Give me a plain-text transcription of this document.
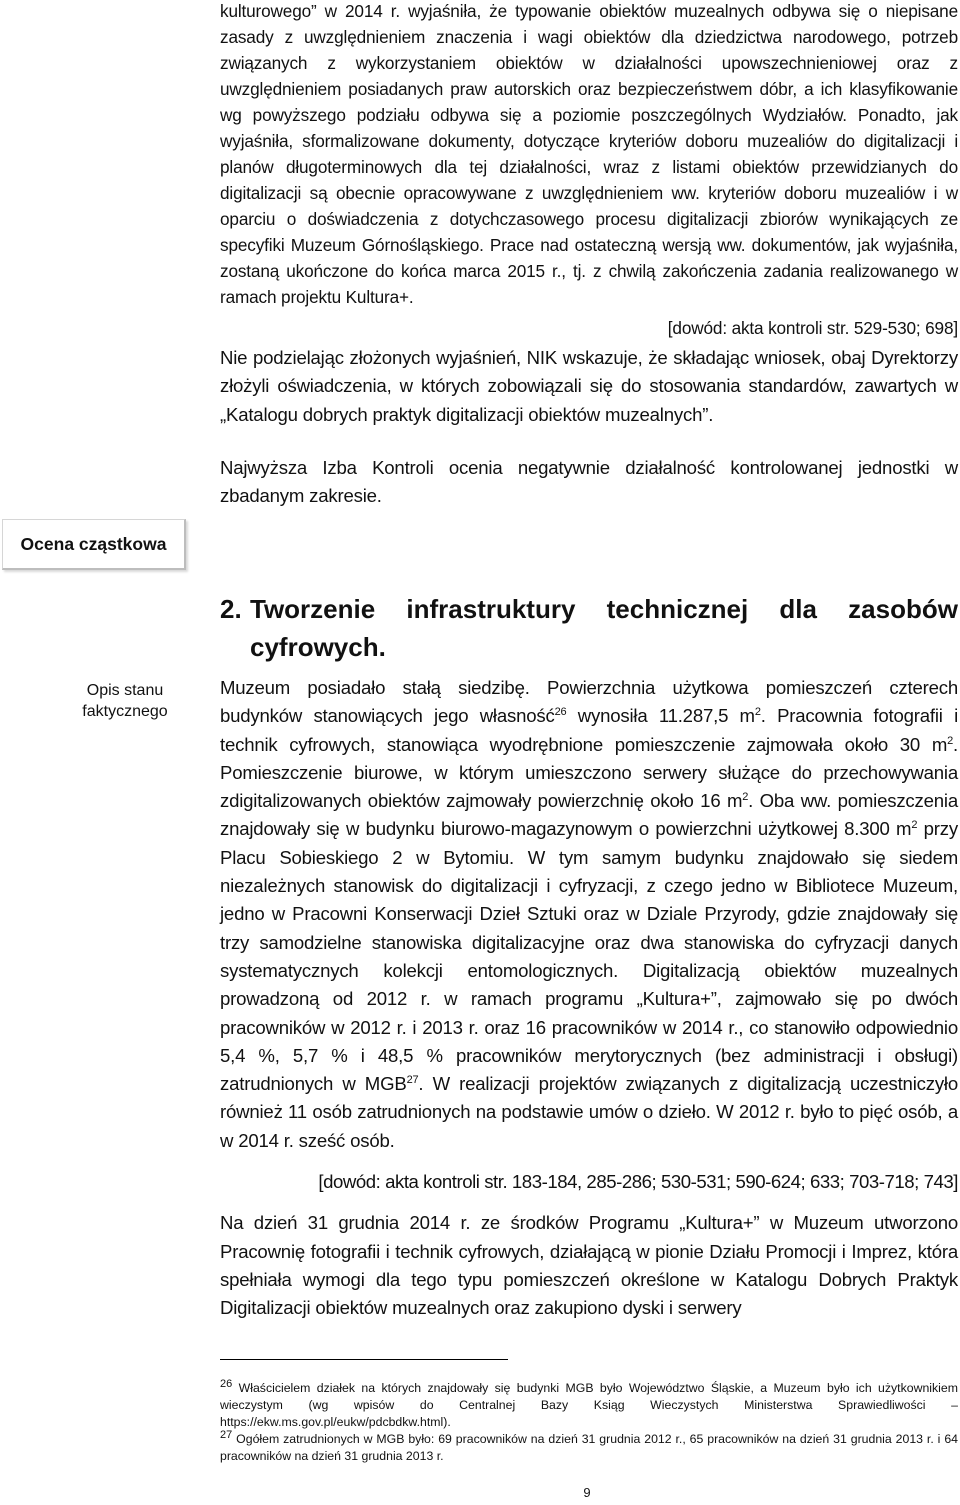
kulturowego” w 2014 r. wyjaśniła, że typowanie obiektów muzealnych odbywa się o niepisane zasady z uwzględnieniem znaczenia i wagi obiektów dla dziedzictwa narodowego, potrzeb związanych z wykorzystaniem obiektów w działalności upowszechnieniowej oraz z uwzględnieniem posiadanych praw autorskich oraz bezpieczeństwem dóbr, a ich klasyfikowanie wg powyższego podziału odbywa się a poziomie poszczególnych Wydziałów. Ponadto, jak wyjaśniła, sformalizowane dokumenty, dotyczące kryteriów doboru muzealiów do digitalizacji i planów długoterminowych dla tej działalności, wraz z listami obiektów przewidzianych do digitalizacji są obecnie opracowywane z uwzględnieniem ww. kryteriów doboru muzealiów i w oparciu o doświadczenia z dotychczasowego procesu digitalizacji zbiorów wynikających ze specyfiki Muzeum Górnośląskiego. Prace nad ostateczną wersją ww. dokumentów, jak wyjaśniła, zostaną ukończone do końca marca 2015 r., tj. z chwilą zakończenia zadania realizowanego w ramach projektu Kultura+.

[dowód: akta kontroli str. 529-530; 698]

Nie podzielając złożonych wyjaśnień, NIK wskazuje, że składając wniosek, obaj Dyrektorzy złożyli oświadczenia, w których zobowiązali się do stosowania standardów, zawartych w „Katalogu dobrych praktyk digitalizacji obiektów muzealnych”.

Najwyższa Izba Kontroli ocenia negatywnie działalność kontrolowanej jednostki w zbadanym zakresie.

2. Tworzenie infrastruktury technicznej dla zasobów
cyfrowych.

Muzeum posiadało stałą siedzibę. Powierzchnia użytkowa pomieszczeń czterech budynków stanowiących jego własność$^{26}$ wynosiła 11.287,5 $m^2$. Pracownia fotografii i technik cyfrowych, stanowiąca wyodrębnione pomieszczenie zajmowała około 30 $m^2$. Pomieszczenie biurowe, w którym umieszczono serwery służące do przechowywania zdigitalizowanych obiektów zajmowały powierzchnię około 16 $m^2$. Oba ww. pomieszczenia znajdowały się w budynku biurowo-magazynowym o powierzchni użytkowej 8.300 $m^2$ przy Placu Sobieskiego 2 w Bytomiu. W tym samym budynku znajdowało się siedem niezależnych stanowisk do digitalizacji i cyfryzacji, z czego jedno w Bibliotece Muzeum, jedno w Pracowni Konserwacji Dzieł Sztuki oraz w Dziale Przyrody, gdzie znajdowały się trzy samodzielne stanowiska digitalizacyjne oraz dwa stanowiska do cyfryzacji danych systematycznych kolekcji entomologicznych. Digitalizacją obiektów muzealnych prowadzoną od 2012 r. w ramach programu „Kultura+”, zajmowało się po dwóch pracowników w 2012 r. i 2013 r. oraz 16 pracowników w 2014 r., co stanowiło odpowiednio 5,4 %, 5,7 % i 48,5 % pracowników merytorycznych (bez administracji i obsługi) zatrudnionych w MGB$^{27}$. W realizacji projektów związanych z digitalizacją uczestniczyło również 11 osób zatrudnionych na podstawie umów o dzieło. W 2012 r. było to pięć osób, a w 2014 r. sześć osób.

[dowód: akta kontroli str. 183-184, 285-286; 530-531; 590-624; 633; 703-718; 743]

Na dzień 31 grudnia 2014 r. ze środków Programu „Kultura+” w Muzeum utworzono Pracownię fotografii i technik cyfrowych, działającą w pionie Działu Promocji i Imprez, która spełniała wymogi dla tego typu pomieszczeń określone w Katalogu Dobrych Praktyk Digitalizacji obiektów muzealnych oraz zakupiono dyski i serwery

Ocena cząstkowa
Opis stanu faktycznego

$^{26}$ Właścicielem działek na których znajdowały się budynki MGB było Województwo Śląskie, a Muzeum było ich użytkownikiem wieczystym (wg wpisów do Centralnej Bazy Ksiąg Wieczystych Ministerstwa Sprawiedliwości – https://ekw.ms.gov.pl/eukw/pdcbdkw.html).

$^{27}$ Ogółem zatrudnionych w MGB było: 69 pracowników na dzień 31 grudnia 2012 r., 65 pracowników na dzień 31 grudnia 2013 r. i 64 pracowników na dzień 31 grudnia 2013 r.

9
